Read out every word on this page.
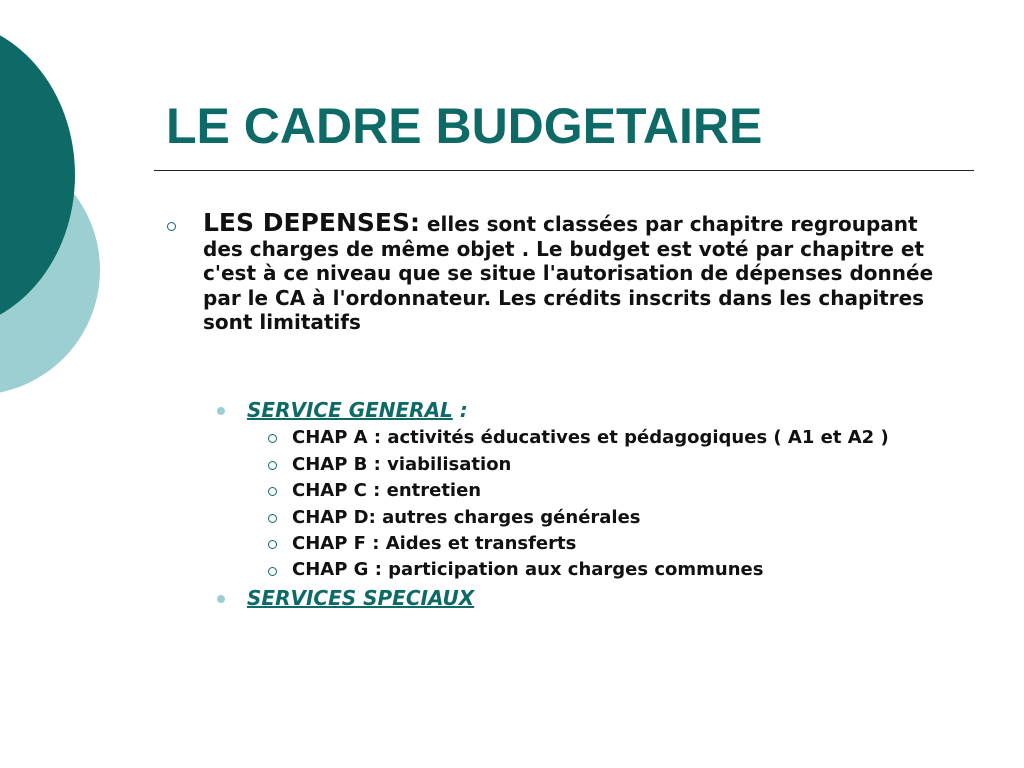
LE CADRE BUDGETAIRE
LES DEPENSES: elles sont classées par chapitre regroupant des charges de même objet . Le budget est voté par chapitre et c'est à ce niveau que se situe l'autorisation de dépenses donnée par le CA à l'ordonnateur. Les crédits inscrits dans les chapitres sont limitatifs
SERVICE GENERAL :
CHAP A : activités éducatives et pédagogiques ( A1 et A2 )
CHAP B : viabilisation
CHAP C : entretien
CHAP D: autres charges générales
CHAP F : Aides et transferts
CHAP G : participation aux charges communes
SERVICES SPECIAUX
